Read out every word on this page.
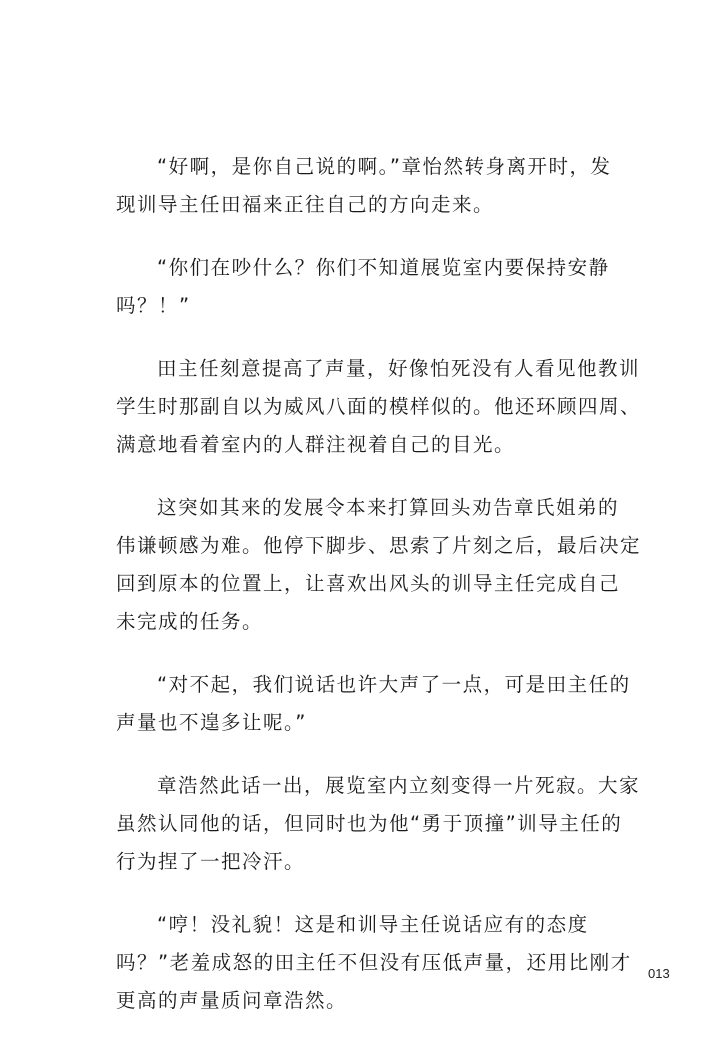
“好啊，是你自己说的啊。”章怡然转身离开时，发
现训导主任田福来正往自己的方向走来。

“你们在吵什么？你们不知道展览室内要保持安静
吗？！”

田主任刻意提高了声量，好像怕死没有人看见他教训
学生时那副自以为威风八面的模样似的。他还环顾四周、
满意地看着室内的人群注视着自己的目光。

这突如其来的发展令本来打算回头劝告章氏姐弟的
伟谦顿感为难。他停下脚步、思索了片刻之后，最后决定
回到原本的位置上，让喜欢出风头的训导主任完成自己
未完成的任务。

“对不起，我们说话也许大声了一点，可是田主任的
声量也不遑多让呢。”

章浩然此话一出，展览室内立刻变得一片死寂。大家
虽然认同他的话，但同时也为他“勇于顶撞”训导主任的
行为捏了一把冷汗。

“哼！没礼貌！这是和训导主任说话应有的态度
吗？”老羞成怒的田主任不但没有压低声量，还用比刚才
更高的声量质问章浩然。

013
